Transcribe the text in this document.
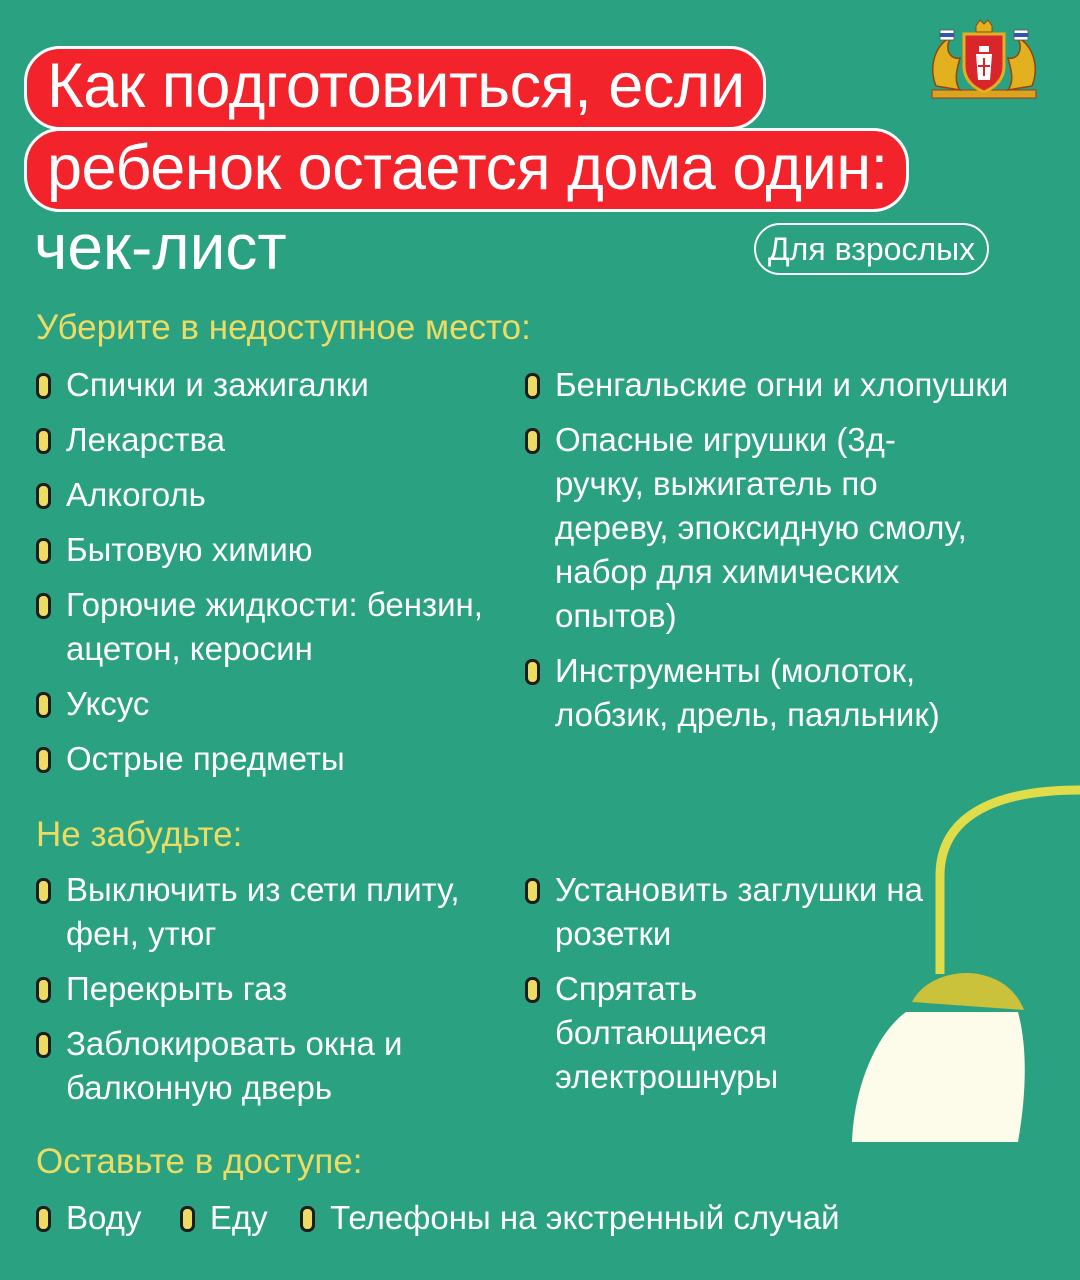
Как подготовиться, если
ребенок остается дома один:
чек-лист	Для взрослых
Уберите в недоступное место:
Спички и зажигалки
Лекарства
Алкоголь
Бытовую химию
Горючие жидкости: бензин, ацетон, керосин
Уксус
Острые предметы
Бенгальские огни и хлопушки
Опасные игрушки (3д-ручку, выжигатель по дереву, эпоксидную смолу, набор для химических опытов)
Инструменты (молоток, лобзик, дрель, паяльник)
Не забудьте:
Выключить из сети плиту, фен, утюг
Перекрыть газ
Заблокировать окна и балконную дверь
Установить заглушки на розетки
Спрятать болтающиеся электрошнуры
Оставьте в доступе:
Воду Еду Телефоны на экстренный случай
